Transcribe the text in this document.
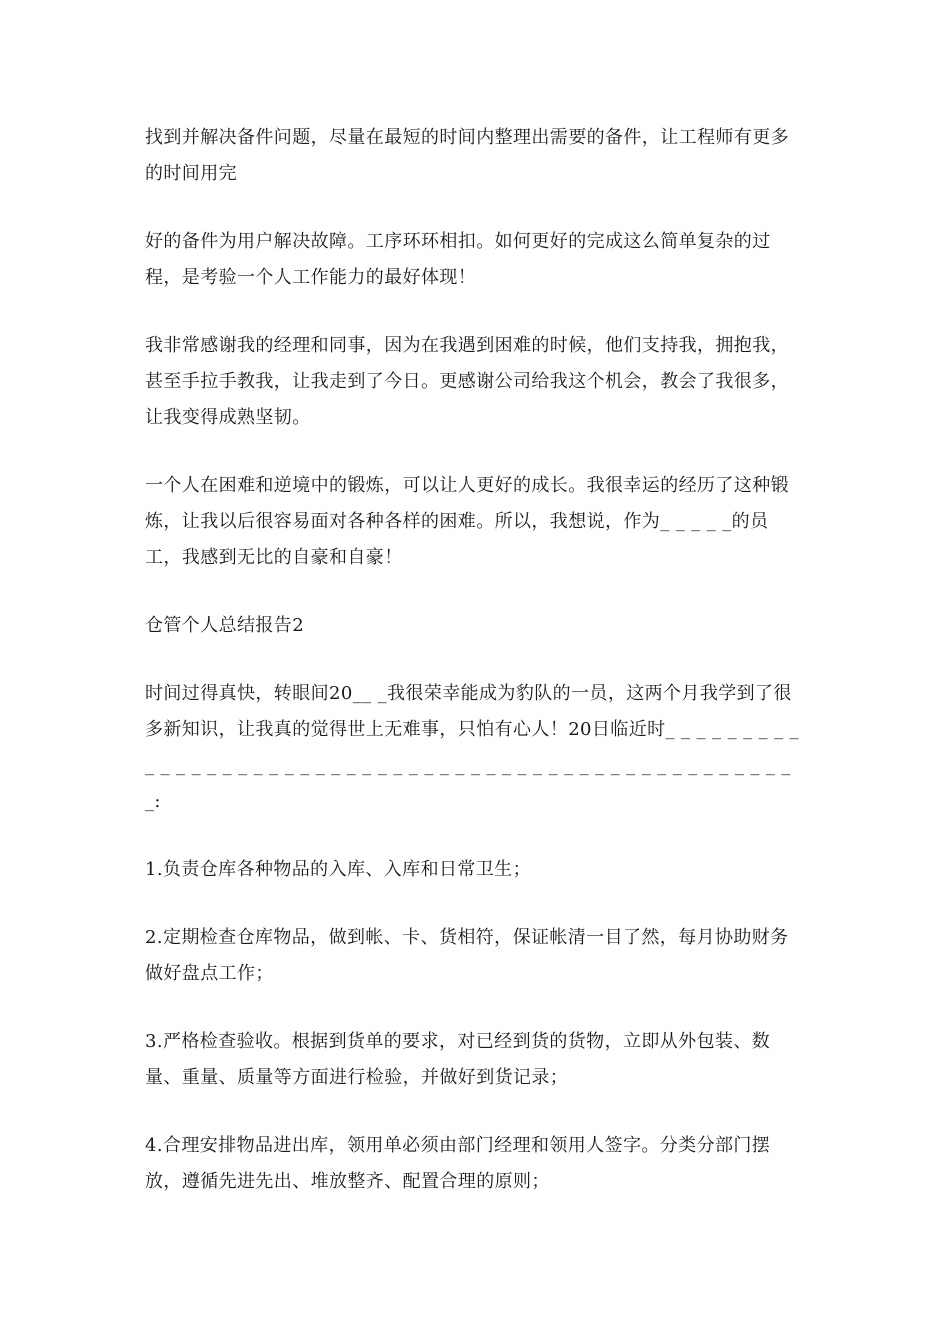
找到并解决备件问题，尽量在最短的时间内整理出需要的备件，让工程师有更多的时间用完

好的备件为用户解决故障。工序环环相扣。如何更好的完成这么简单复杂的过程，是考验一个人工作能力的最好体现！

我非常感谢我的经理和同事，因为在我遇到困难的时候，他们支持我，拥抱我，甚至手拉手教我，让我走到了今日。更感谢公司给我这个机会，教会了我很多，让我变得成熟坚韧。

一个人在困难和逆境中的锻炼，可以让人更好的成长。我很幸运的经历了这种锻炼，让我以后很容易面对各种各样的困难。所以，我想说，作为_ _ _ _ _的员工，我感到无比的自豪和自豪！

仓管个人总结报告2

时间过得真快，转眼间20__ _我很荣幸能成为豹队的一员，这两个月我学到了很多新知识，让我真的觉得世上无难事，只怕有心人！20日临近时_ _ _ _ _ _ _ _ _ _ _ _ _ _ _ _ _ _ _ _ _ _ _ _ _ _ _ _ _ _ _ _ _ _ _ _ _ _ _ _ _ _ _ _ _ _ _ _ _ _ _ _:

1.负责仓库各种物品的入库、入库和日常卫生；

2.定期检查仓库物品，做到帐、卡、货相符，保证帐清一目了然，每月协助财务做好盘点工作；

3.严格检查验收。根据到货单的要求，对已经到货的货物，立即从外包装、数量、重量、质量等方面进行检验，并做好到货记录；

4.合理安排物品进出库，领用单必须由部门经理和领用人签字。分类分部门摆放，遵循先进先出、堆放整齐、配置合理的原则；
